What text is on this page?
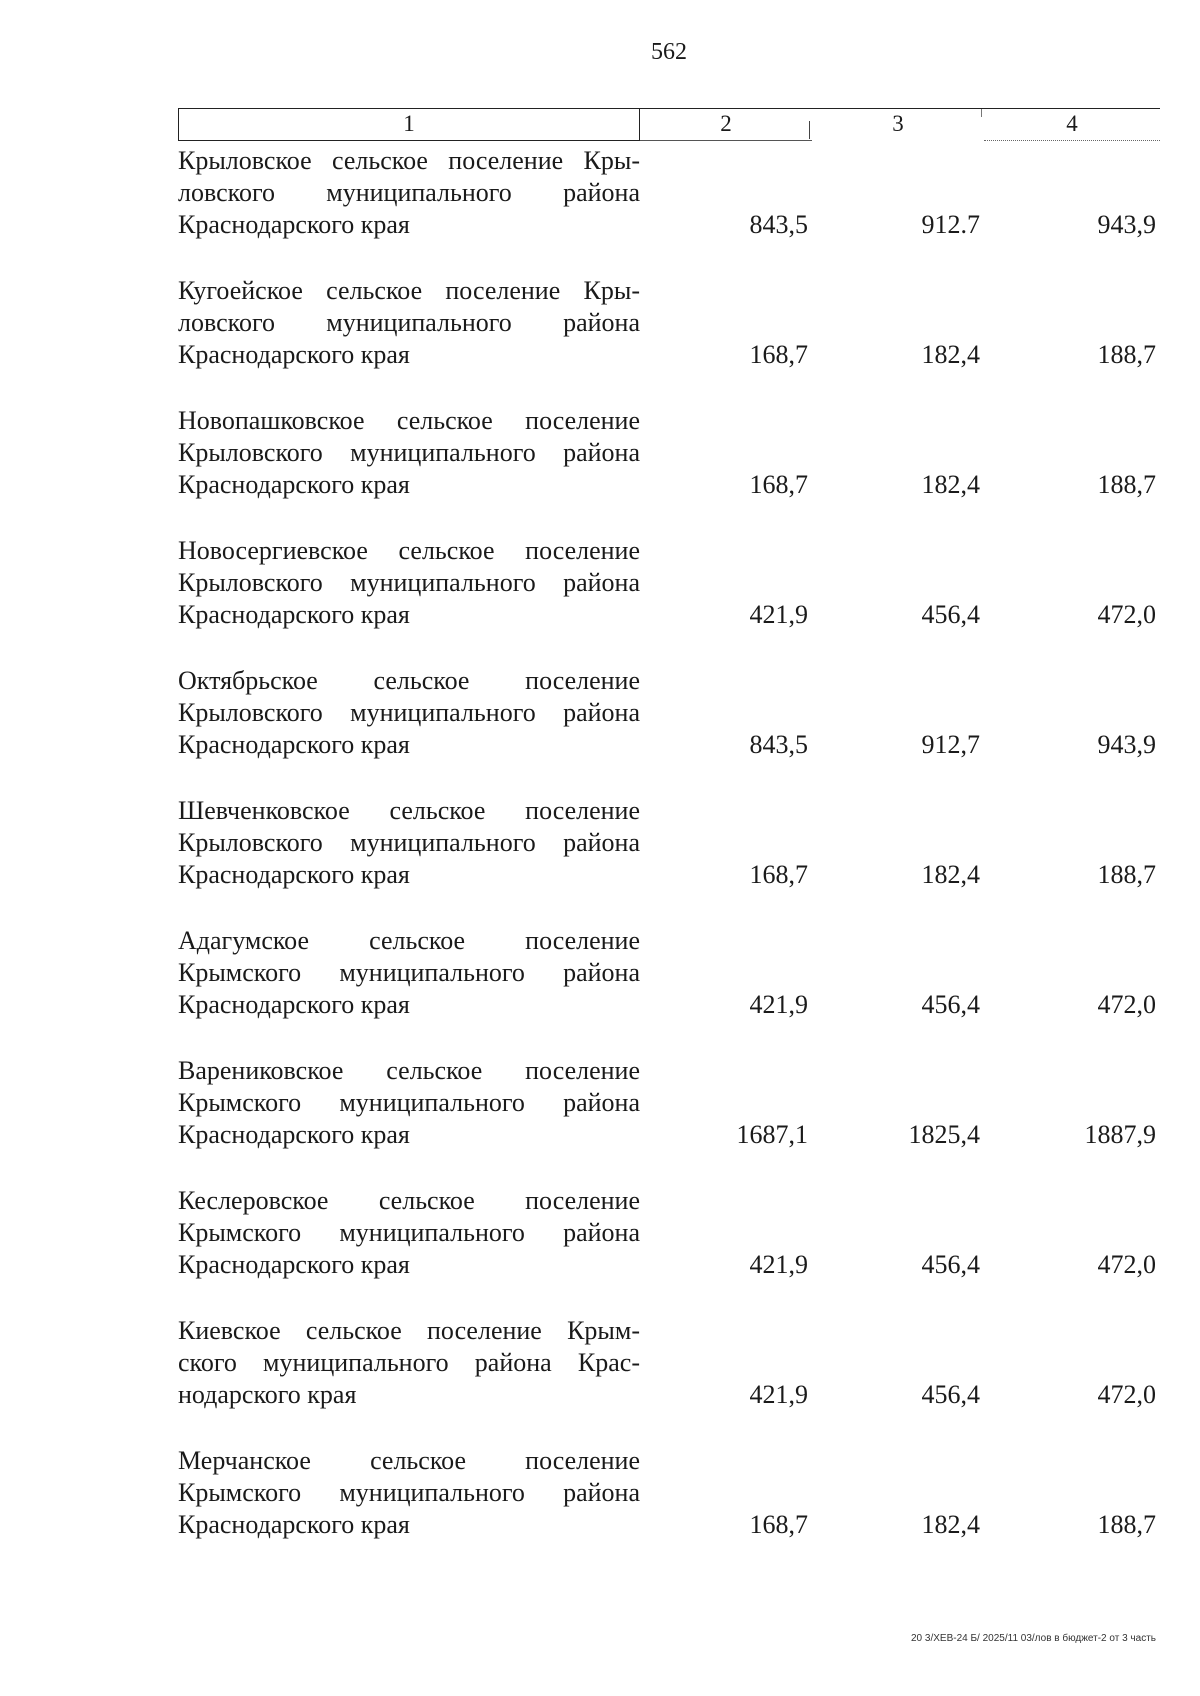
562
1	2	3	4
Крыловское сельское поселение Кры-
ловского муниципального района
Краснодарского края	843,5	912.7	943,9
Кугоейское сельское поселение Кры-
ловского муниципального района
Краснодарского края	168,7	182,4	188,7
Новопашковское сельское поселение
Крыловского муниципального района
Краснодарского края	168,7	182,4	188,7
Новосергиевское сельское поселение
Крыловского муниципального района
Краснодарского края	421,9	456,4	472,0
Октябрьское сельское поселение
Крыловского муниципального района
Краснодарского края	843,5	912,7	943,9
Шевченковское сельское поселение
Крыловского муниципального района
Краснодарского края	168,7	182,4	188,7
Адагумское сельское поселение
Крымского муниципального района
Краснодарского края	421,9	456,4	472,0
Варениковское сельское поселение
Крымского муниципального района
Краснодарского края	1687,1	1825,4	1887,9
Кеслеровское сельское поселение
Крымского муниципального района
Краснодарского края	421,9	456,4	472,0
Киевское сельское поселение Крым-
ского муниципального района Крас-
нодарского края	421,9	456,4	472,0
Мерчанское сельское поселение
Крымского муниципального района
Краснодарского края	168,7	182,4	188,7
20 3/ХЕВ-24 Б/ 2025/11 03/лов в бюджет-2 от 3 часть
